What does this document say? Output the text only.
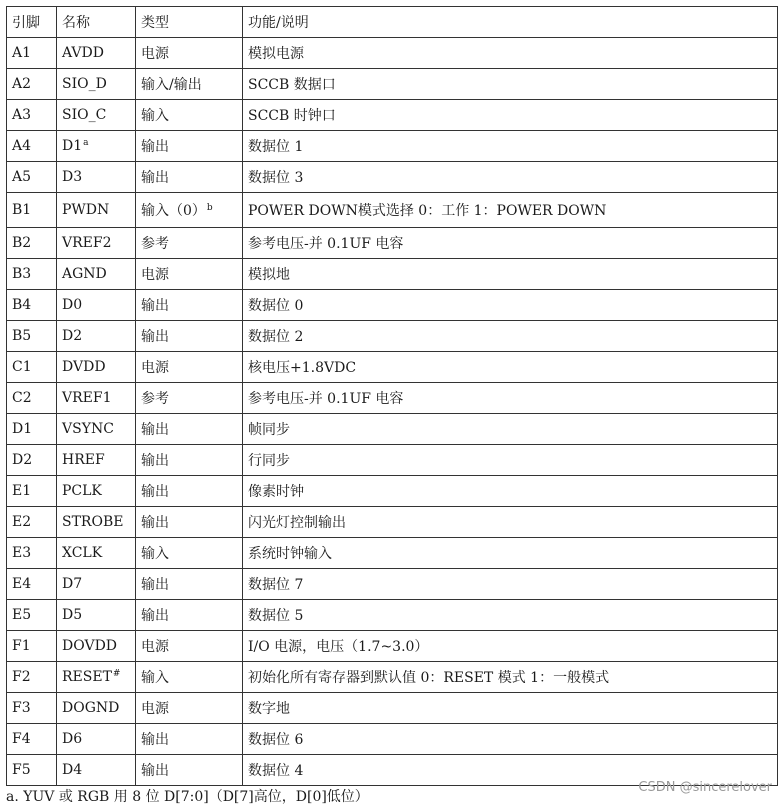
引脚	名称	类型	功能/说明
A1	AVDD	电源	模拟电源
A2	SIO_D	输入/输出	SCCB 数据口
A3	SIO_C	输入	SCCB 时钟口
A4	D1$^a$	输出	数据位 1
A5	D3	输出	数据位 3
B1	PWDN	输入$(0)^b$	POWER DOWN模式选择 0：工作 1：POWER DOWN
B2	VREF2	参考	参考电压-并 0.1UF 电容
B3	AGND	电源	模拟地
B4	D0	输出	数据位 0
B5	D2	输出	数据位 2
C1	DVDD	电源	核电压+1.8VDC
C2	VREF1	参考	参考电压-并 0.1UF 电容
D1	VSYNC	输出	帧同步
D2	HREF	输出	行同步
E1	PCLK	输出	像素时钟
E2	STROBE	输出	闪光灯控制输出
E3	XCLK	输入	系统时钟输入
E4	D7	输出	数据位 7
E5	D5	输出	数据位 5
F1	DOVDD	电源	I/O 电源，电压（1.7~3.0）
F2	RESET#	输入	初始化所有寄存器到默认值 0：RESET 模式 1：一般模式
F3	DOGND	电源	数字地
F4	D6	输出	数据位 6
F5	D4	输出	数据位 4
a. YUV 或 RGB 用 8 位 D[7:0]（D[7]高位，D[0]低位）
CSDN @sincerelover
